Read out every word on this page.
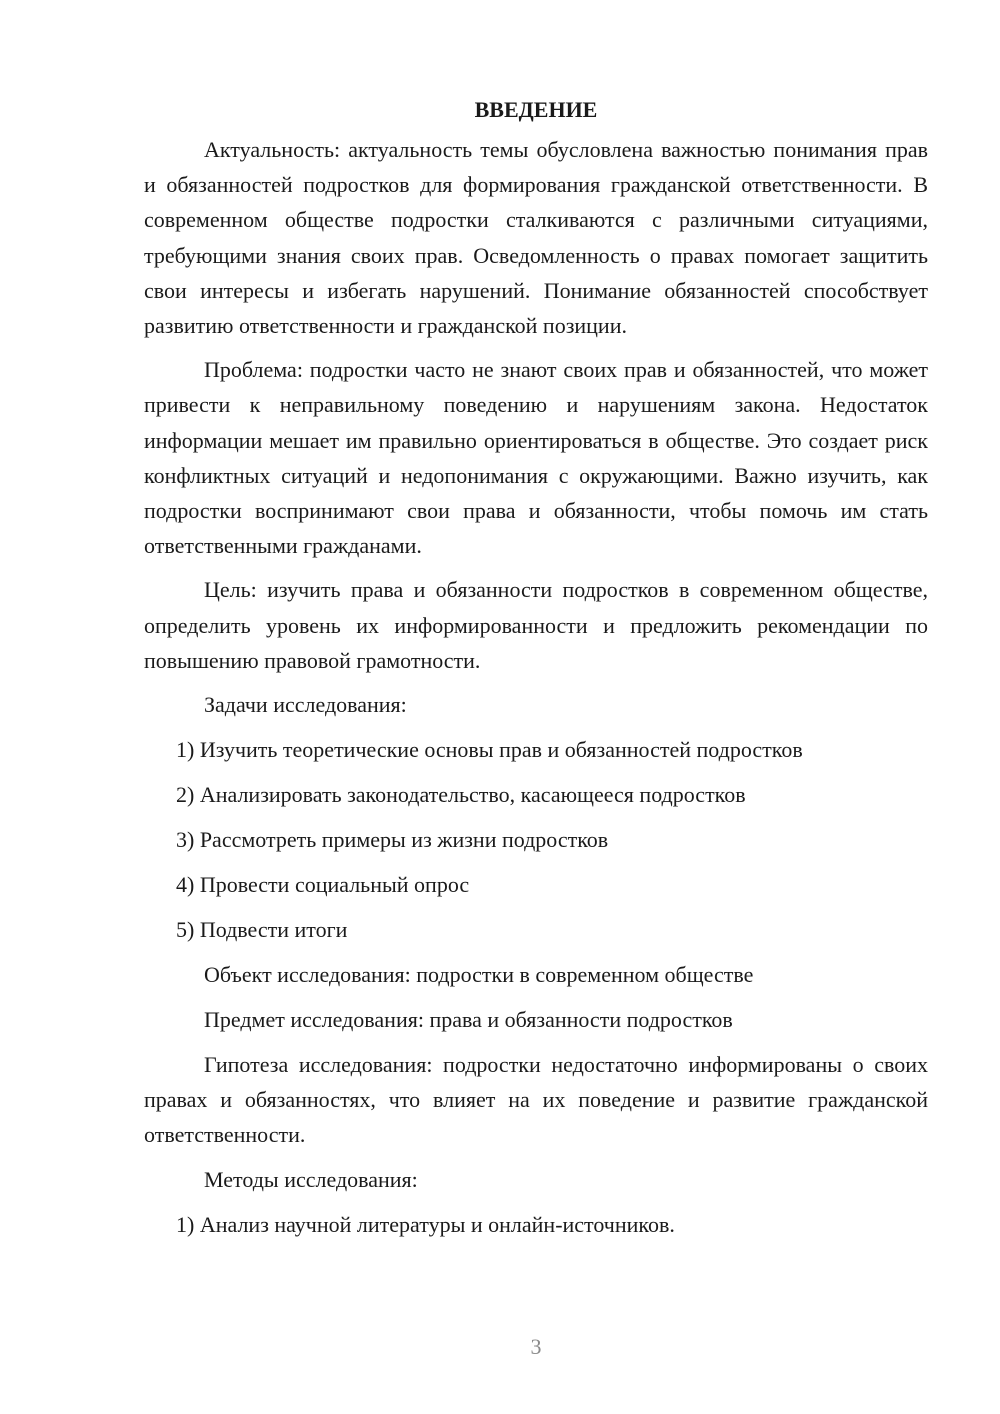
ВВЕДЕНИЕ

Актуальность: актуальность темы обусловлена важностью понимания прав и обязанностей подростков для формирования гражданской ответственности. В современном обществе подростки сталкиваются с различными ситуациями, требующими знания своих прав. Осведомленность о правах помогает защитить свои интересы и избегать нарушений. Понимание обязанностей способствует развитию ответственности и гражданской позиции.

Проблема: подростки часто не знают своих прав и обязанностей, что может привести к неправильному поведению и нарушениям закона. Недостаток информации мешает им правильно ориентироваться в обществе. Это создает риск конфликтных ситуаций и недопонимания с окружающими. Важно изучить, как подростки воспринимают свои права и обязанности, чтобы помочь им стать ответственными гражданами.

Цель: изучить права и обязанности подростков в современном обществе, определить уровень их информированности и предложить рекомендации по повышению правовой грамотности.

Задачи исследования:
1) Изучить теоретические основы прав и обязанностей подростков
2) Анализировать законодательство, касающееся подростков
3) Рассмотреть примеры из жизни подростков
4) Провести социальный опрос
5) Подвести итоги
Объект исследования: подростки в современном обществе
Предмет исследования: права и обязанности подростков

Гипотеза исследования: подростки недостаточно информированы о своих правах и обязанностях, что влияет на их поведение и развитие гражданской ответственности.

Методы исследования:
1) Анализ научной литературы и онлайн-источников.
3
